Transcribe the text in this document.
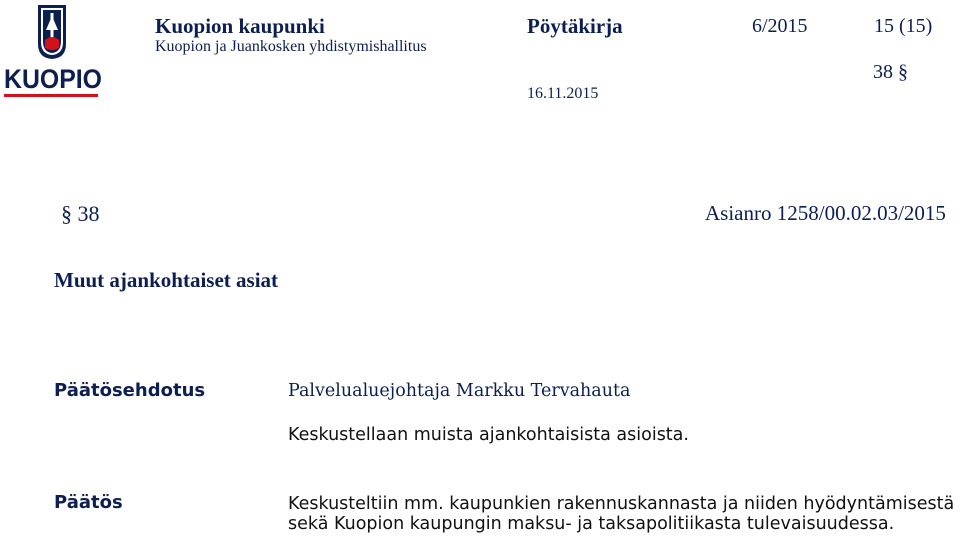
KUOPIO
Kuopion kaupunki
Kuopion ja Juankosken yhdistymishallitus
Pöytäkirja	6/2015	15 (15)
38 §
16.11.2015
§ 38	Asianro 1258/00.02.03/2015
Muut ajankohtaiset asiat
Päätösehdotus	Palvelualuejohtaja Markku Tervahauta
Keskustellaan muista ajankohtaisista asioista.
Päätös	Keskusteltiin mm. kaupunkien rakennuskannasta ja niiden hyödyntämisestä
sekä Kuopion kaupungin maksu- ja taksapolitiikasta tulevaisuudessa.
